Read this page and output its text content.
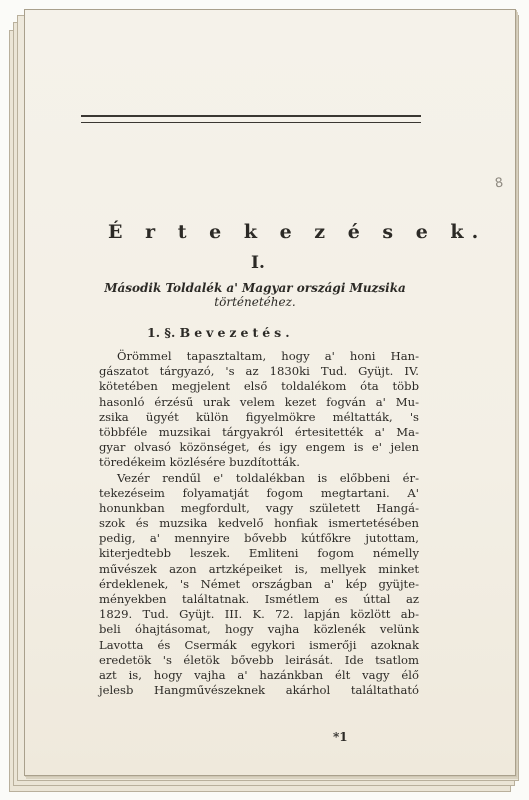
8
É r t e k e z é s e k.
I.
Második Toldalék a' Magyar országi Muzsika
történetéhez.
1. §. Bevezetés.
Örömmel tapasztaltam, hogy a' honi Han-
gászatot tárgyazó, 's az 1830ki Tud. Gyüjt. IV.
kötetében megjelent első toldalékom óta több
hasonló érzésű urak velem kezet fogván a' Mu-
zsika ügyét külön figyelmökre méltatták, 's
többféle muzsikai tárgyakról értesitették a' Ma-
gyar olvasó közönséget, és igy engem is e' jelen
töredékeim közlésére buzdították.
Vezér rendűl e' toldalékban is előbbeni ér-
tekezéseim folyamatját fogom megtartani. A'
honunkban megfordult, vagy született Hangá-
szok és muzsika kedvelő honfiak ismertetésében
pedig, a' mennyire bővebb kútfőkre jutottam,
kiterjedtebb leszek. Emliteni fogom némelly
művészek azon artzképeiket is, mellyek minket
érdeklenek, 's Német országban a' kép gyüjte-
ményekben találtatnak. Ismétlem es úttal az
1829. Tud. Gyüjt. III. K. 72. lapján közlött ab-
beli óhajtásomat, hogy vajha közlenék velünk
Lavotta és Csermák egykori ismerőji azoknak
eredetök 's életök bővebb leirását. Ide tsatlom
azt is, hogy vajha a' hazánkban élt vagy élő
jelesb Hangművészeknek akárhol találtatható
*1
